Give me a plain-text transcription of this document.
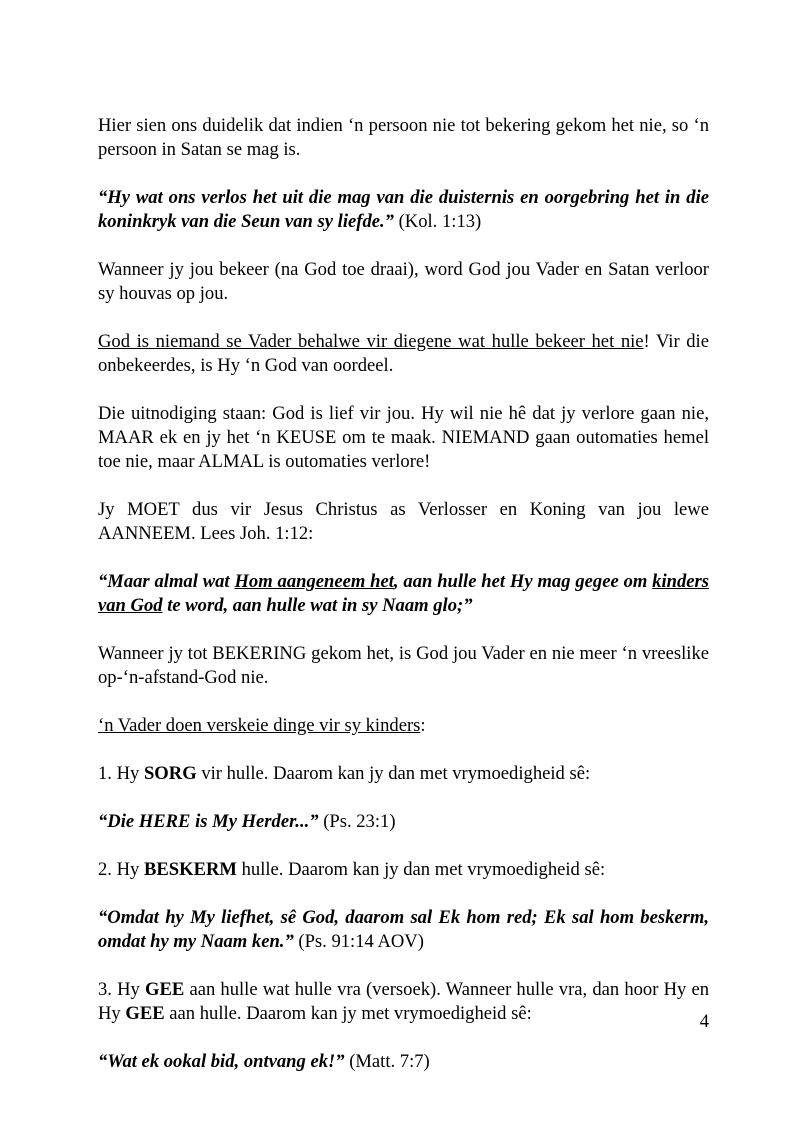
Hier sien ons duidelik dat indien ‘n persoon nie tot bekering gekom het nie, so ‘n persoon in Satan se mag is.

“Hy wat ons verlos het uit die mag van die duisternis en oorgebring het in die koninkryk van die Seun van sy liefde.” (Kol. 1:13)

Wanneer jy jou bekeer (na God toe draai), word God jou Vader en Satan verloor sy houvas op jou.

God is niemand se Vader behalwe vir diegene wat hulle bekeer het nie! Vir die onbekeerdes, is Hy ‘n God van oordeel.

Die uitnodiging staan: God is lief vir jou. Hy wil nie hê dat jy verlore gaan nie, MAAR ek en jy het ‘n KEUSE om te maak. NIEMAND gaan outomaties hemel toe nie, maar ALMAL is outomaties verlore!

Jy MOET dus vir Jesus Christus as Verlosser en Koning van jou lewe AANNEEM. Lees Joh. 1:12:

“Maar almal wat Hom aangeneem het, aan hulle het Hy mag gegee om kinders van God te word, aan hulle wat in sy Naam glo;”

Wanneer jy tot BEKERING gekom het, is God jou Vader en nie meer ‘n vreeslike op-‘n-afstand-God nie.

‘n Vader doen verskeie dinge vir sy kinders:

1. Hy SORG vir hulle. Daarom kan jy dan met vrymoedigheid sê:

“Die HERE is My Herder...” (Ps. 23:1)

2. Hy BESKERM hulle. Daarom kan jy dan met vrymoedigheid sê:

“Omdat hy My liefhet, sê God, daarom sal Ek hom red; Ek sal hom beskerm, omdat hy my Naam ken.” (Ps. 91:14 AOV)

3. Hy GEE aan hulle wat hulle vra (versoek). Wanneer hulle vra, dan hoor Hy en Hy GEE aan hulle. Daarom kan jy met vrymoedigheid sê:

“Wat ek ookal bid, ontvang ek!” (Matt. 7:7)

4
